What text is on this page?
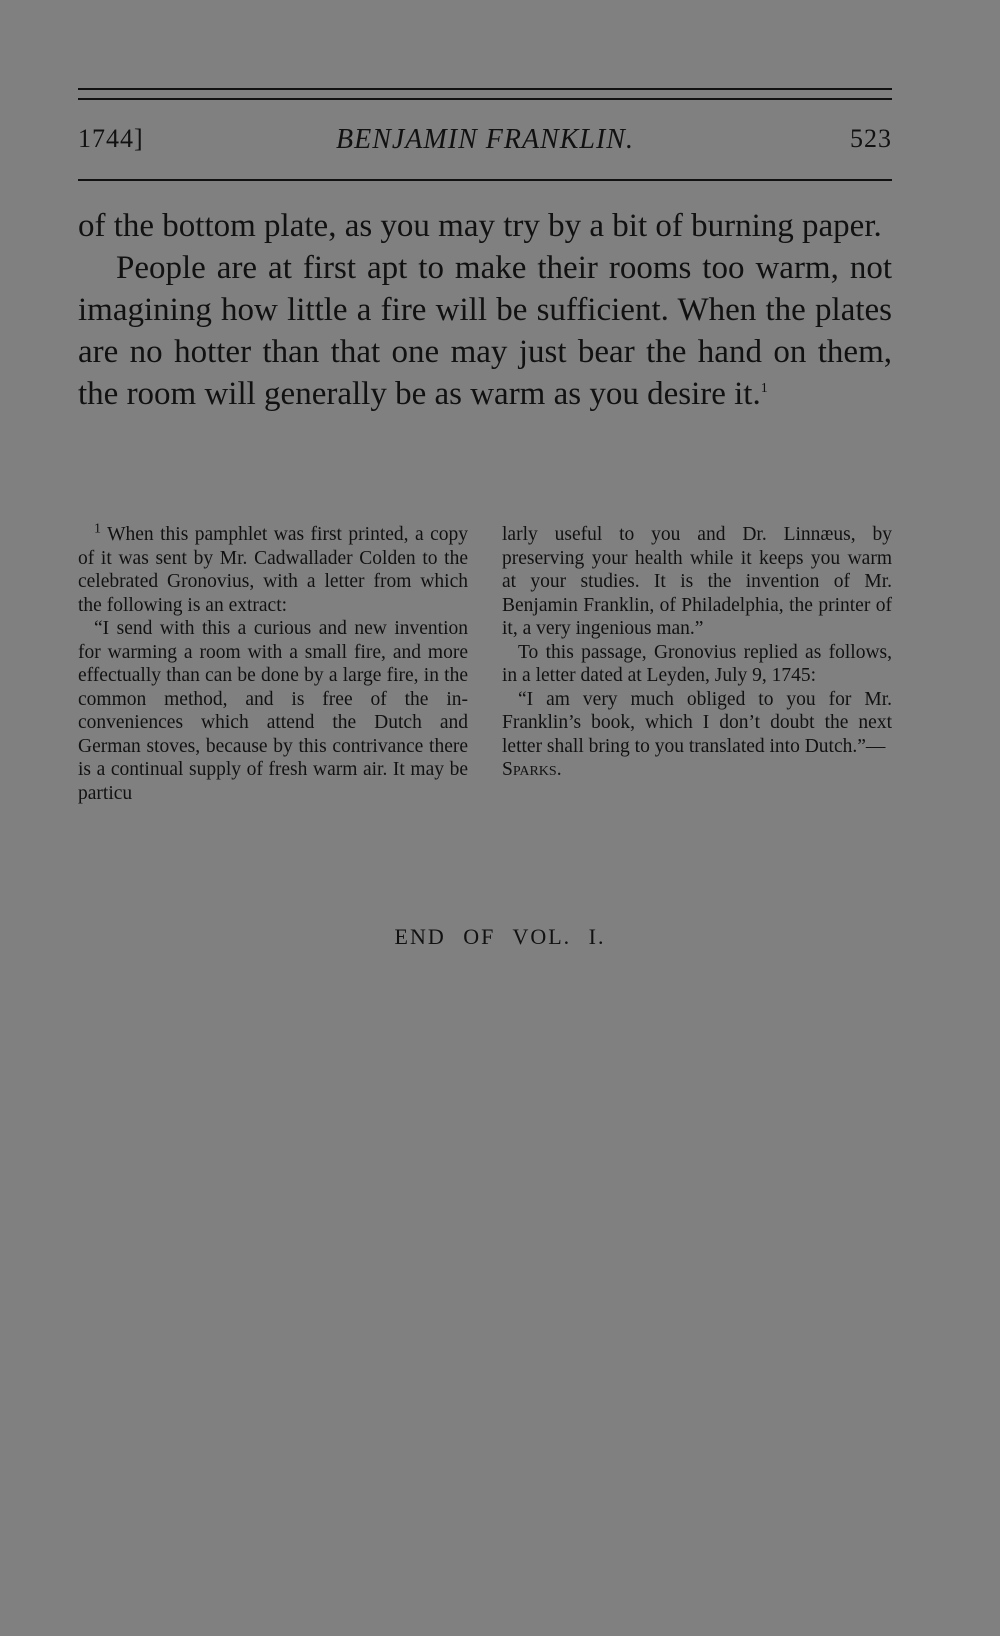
1744]	BENJAMIN FRANKLIN.	523

of the bottom plate, as you may try by a bit of burning paper.

People are at first apt to make their rooms too warm, not imagining how little a fire will be sufficient. When the plates are no hotter than that one may just bear the hand on them, the room will generally be as warm as you desire it.$^1$

$^1$ When this pamphlet was first printed, a copy of it was sent by Mr. Cadwallader Colden to the celebrated Gronovius, with a letter from which the following is an extract:

“I send with this a curious and new invention for warming a room with a small fire, and more effectually than can be done by a large fire, in the common method, and is free of the inconveniences which attend the Dutch and German stoves, because by this contrivance there is a continual supply of fresh warm air. It may be particu

larly useful to you and Dr. Linnæus, by preserving your health while it keeps you warm at your studies. It is the invention of Mr. Benjamin Franklin, of Philadelphia, the printer of it, a very ingenious man.”

To this passage, Gronovius replied as follows, in a letter dated at Leyden, July 9, 1745:

“I am very much obliged to you for Mr. Franklin’s book, which I don’t doubt the next letter shall bring to you translated into Dutch.”—
Sparks.

END OF VOL. I.
